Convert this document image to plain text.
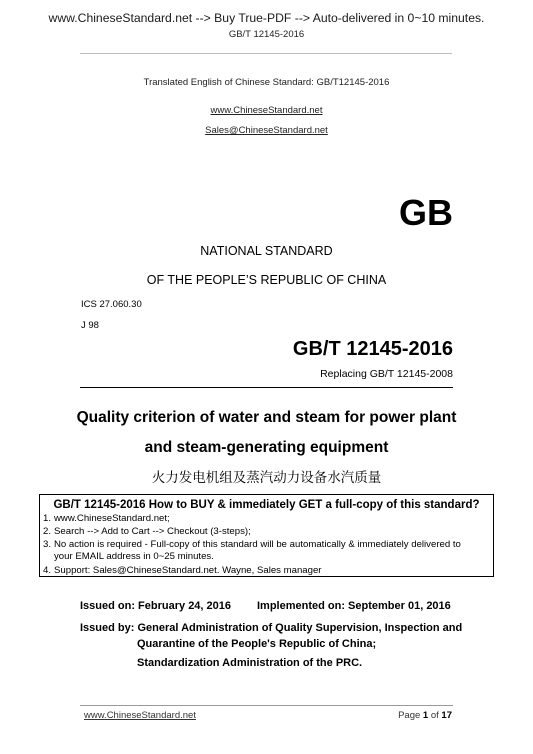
www.ChineseStandard.net --> Buy True-PDF --> Auto-delivered in 0~10 minutes.
GB/T 12145-2016
Translated English of Chinese Standard: GB/T12145-2016
www.ChineseStandard.net
Sales@ChineseStandard.net
GB
NATIONAL STANDARD
OF THE PEOPLE’S REPUBLIC OF CHINA
ICS 27.060.30
J 98
GB/T 12145-2016
Replacing GB/T 12145-2008
Quality criterion of water and steam for power plant
and steam-generating equipment
火力发电机组及蒸汽动力设备水汽质量
GB/T 12145-2016 How to BUY & immediately GET a full-copy of this standard?
1. www.ChineseStandard.net;
2. Search --> Add to Cart --> Checkout (3-steps);
3. No action is required - Full-copy of this standard will be automatically & immediately delivered to your EMAIL address in 0~25 minutes.
4. Support: Sales@ChineseStandard.net. Wayne, Sales manager
Issued on: February 24, 2016 Implemented on: September 01, 2016
Issued by: General Administration of Quality Supervision, Inspection and
Quarantine of the People's Republic of China;
Standardization Administration of the PRC.
www.ChineseStandard.net	Page 1 of 17
